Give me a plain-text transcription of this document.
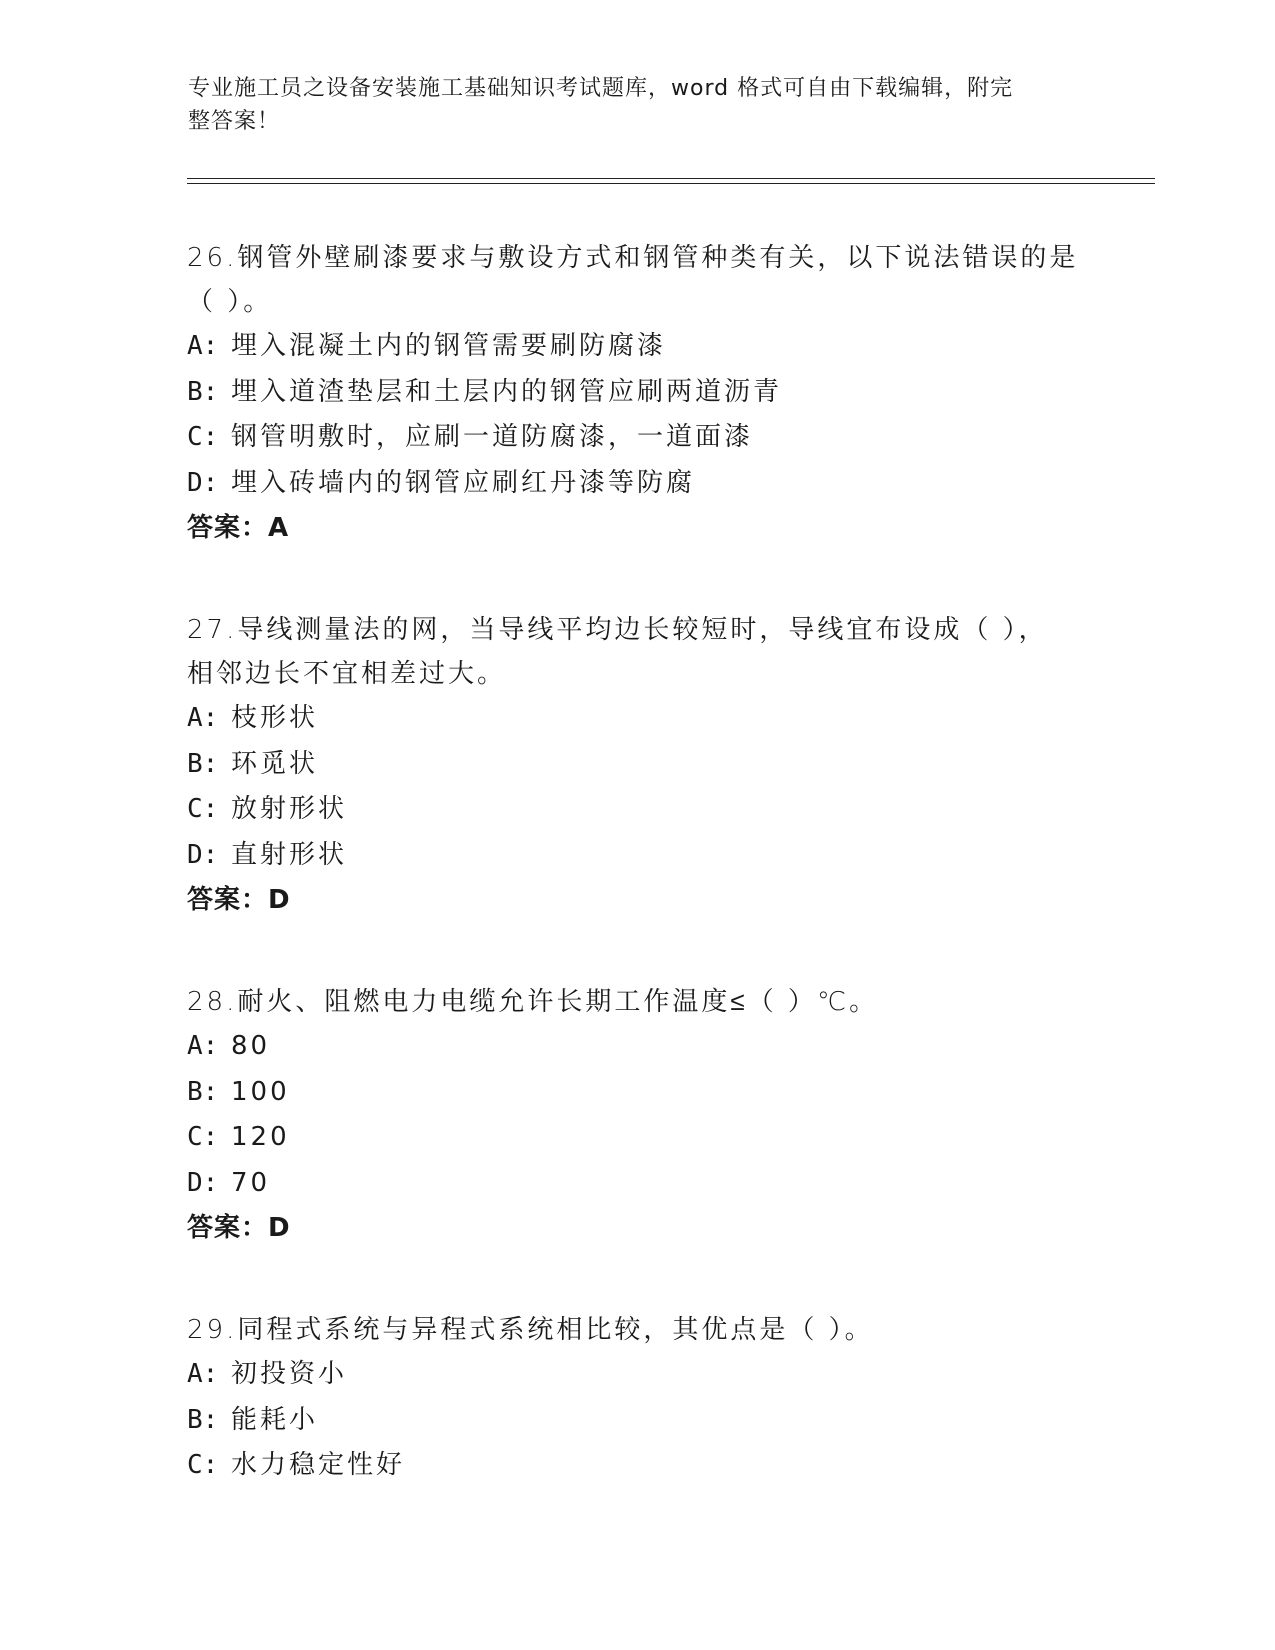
专业施工员之设备安装施工基础知识考试题库，word 格式可自由下载编辑，附完
整答案！
26.钢管外壁刷漆要求与敷设方式和钢管种类有关，以下说法错误的是
（ ）。
A: 埋入混凝土内的钢管需要刷防腐漆
B: 埋入道渣垫层和土层内的钢管应刷两道沥青
C: 钢管明敷时，应刷一道防腐漆，一道面漆
D: 埋入砖墙内的钢管应刷红丹漆等防腐
答案：A
27.导线测量法的网，当导线平均边长较短时，导线宜布设成（ ），
相邻边长不宜相差过大。
A: 枝形状
B: 环觅状
C: 放射形状
D: 直射形状
答案：D
28.耐火、阻燃电力电缆允许长期工作温度≤（ ）℃。
A: 80
B: 100
C: 120
D: 70
答案：D
29.同程式系统与异程式系统相比较，其优点是（ ）。
A: 初投资小
B: 能耗小
C: 水力稳定性好
